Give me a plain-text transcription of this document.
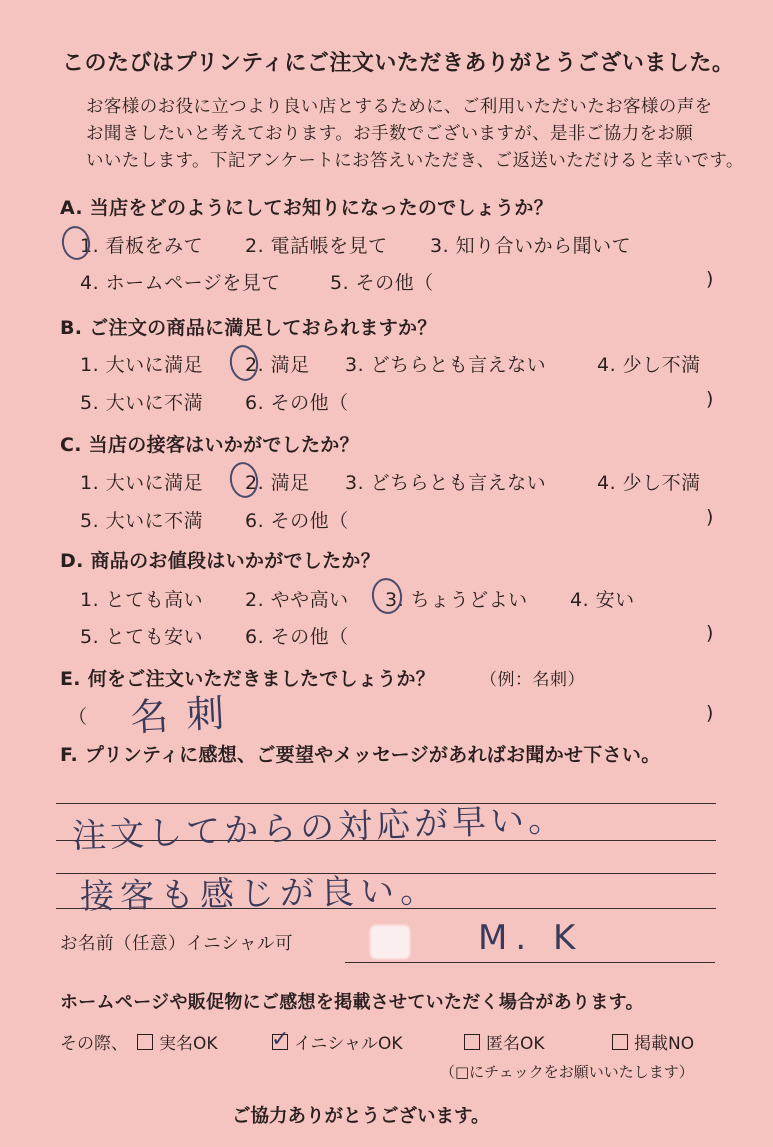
このたびはプリンティにご注文いただきありがとうございました。
お客様のお役に立つより良い店とするために、ご利用いただいたお客様の声を
お聞きしたいと考えております。お手数でございますが、是非ご協力をお願
いいたします。下記アンケートにお答えいただき、ご返送いただけると幸いです。
A. 当店をどのようにしてお知りになったのでしょうか？
1. 看板をみて 2. 電話帳を見て 3. 知り合いから聞いて
4. ホームページを見て	5. その他（	)
B. ご注文の商品に満足しておられますか？
1. 大いに満足 2. 満足 3. どちらとも言えない	4. 少し不満
5. 大いに不満 6. その他（	)
C. 当店の接客はいかがでしたか？
1. 大いに満足 2. 満足 3. どちらとも言えない	4. 少し不満
5. 大いに不満 6. その他（	)
D. 商品のお値段はいかがでしたか？
1. とても高い 2. やや高い 3. ちょうどよい 4. 安い
5. とても安い 6. その他（	)
E. 何をご注文いただきましたでしょうか？	（例：名刺）
（ 名刺	)
F. プリンティに感想、ご要望やメッセージがあればお聞かせ下さい。
注文してからの対応が早い。
接客も感じが良い。
お名前（任意）イニシャル可	M. K
ホームページや販促物にご感想を掲載させていただく場合があります。
その際、	実名OK ✓ イニシャルOK	匿名OK	掲載NO
（□にチェックをお願いいたします）
ご協力ありがとうございます。
